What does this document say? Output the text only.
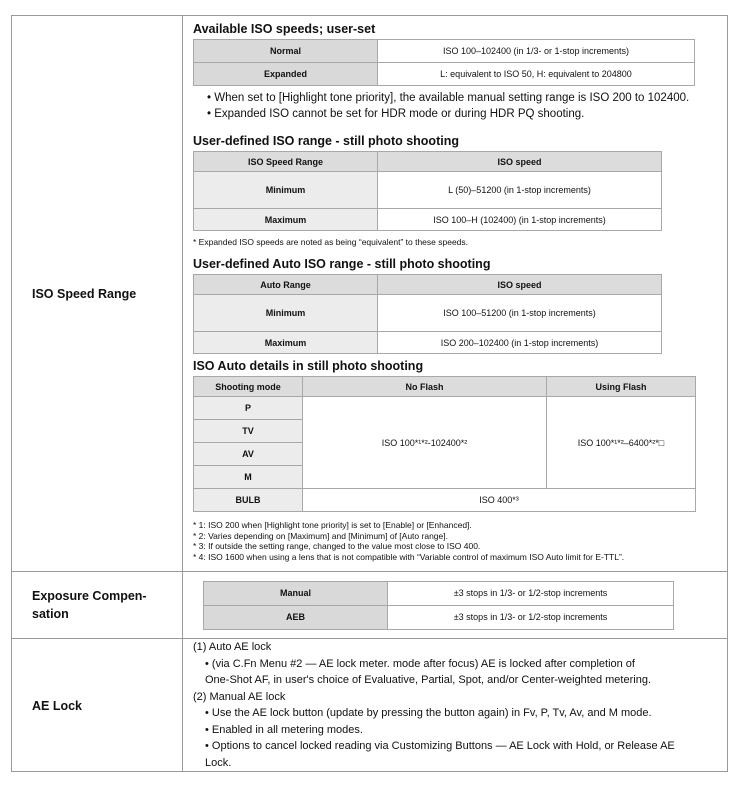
ISO Speed Range	
Available ISO speeds; user-set
Normal	ISO 100–102400 (in 1/3- or 1-stop increments)
Expanded	L: equivalent to ISO 50, H: equivalent to 204800
• When set to [Highlight tone priority], the available manual setting range is ISO 200 to 102400.
• Expanded ISO cannot be set for HDR mode or during HDR PQ shooting.
User-defined ISO range - still photo shooting
ISO Speed Range	ISO speed
Minimum	L (50)–51200 (in 1-stop increments)
Maximum	ISO 100–H (102400) (in 1-stop increments)
* Expanded ISO speeds are noted as being “equivalent” to these speeds.
User-defined Auto ISO range - still photo shooting
Auto Range	ISO speed
Minimum	ISO 100–51200 (in 1-stop increments)
Maximum	ISO 200–102400 (in 1-stop increments)
ISO Auto details in still photo shooting
Shooting mode	No Flash	Using Flash
P	ISO 100*¹*²-102400*²	ISO 100*¹*²–6400*²*□
TV
AV
M
BULB	ISO 400*³
* 1: ISO 200 when [Highlight tone priority] is set to [Enable] or [Enhanced].
* 2: Varies depending on [Maximum] and [Minimum] of [Auto range].
* 3: If outside the setting range, changed to the value most close to ISO 400.
* 4: ISO 1600 when using a lens that is not compatible with “Variable control of maximum ISO Auto limit for E-TTL”.

Exposure Compen-
sation

Manual	±3 stops in 1/3- or 1/2-stop increments
AEB	±3 stops in 1/3- or 1/2-stop increments

AE Lock	
(1) Auto AE lock
• (via C.Fn Menu #2 — AE lock meter. mode after focus) AE is locked after completion of
One-Shot AF, in user's choice of Evaluative, Partial, Spot, and/or Center-weighted metering.
(2) Manual AE lock
• Use the AE lock button (update by pressing the button again) in Fv, P, Tv, Av, and M mode.
• Enabled in all metering modes.
• Options to cancel locked reading via Customizing Buttons — AE Lock with Hold, or Release AE
Lock.
